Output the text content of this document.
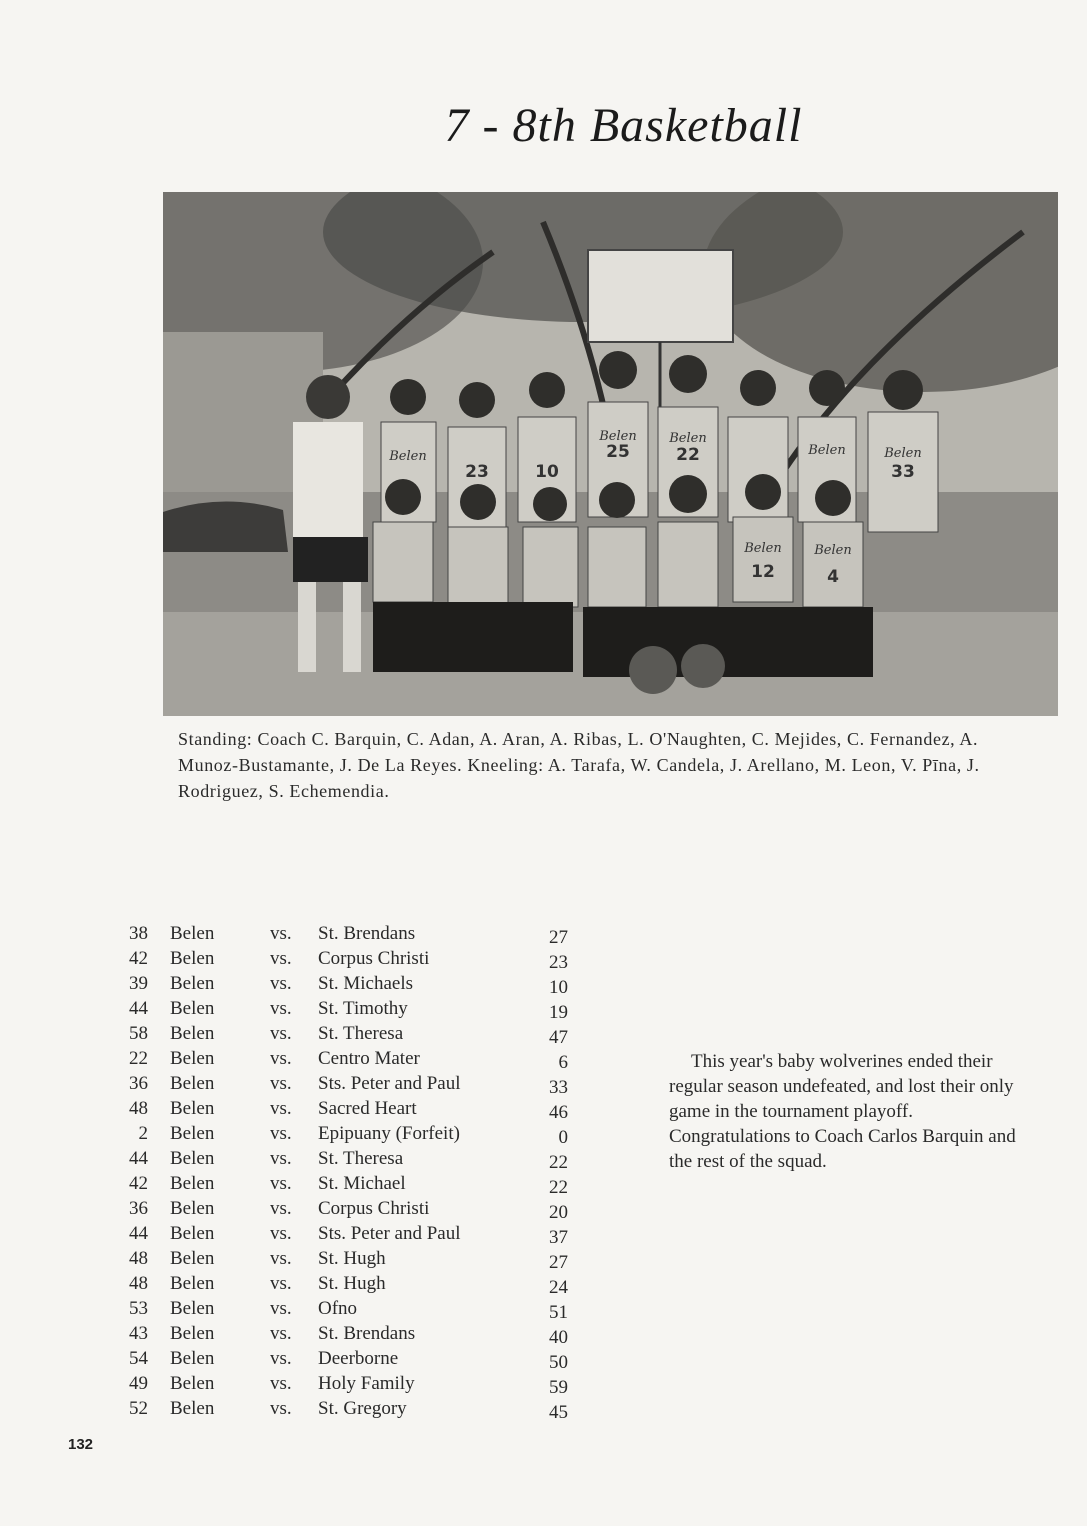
7 - 8th Basketball
10
25	22
33
12	4
23
Belen
Belen	Belen
Belen	Belen
Belen	Belen
Standing: Coach C. Barquin, C. Adan, A. Aran, A. Ribas, L. O'Naughten, C. Mejides, C. Fernandez, A. Munoz-Bustamante, J. De La Reyes. Kneeling: A. Tarafa, W. Candela, J. Arellano, M. Leon, V. Pīna, J. Rodriguez, S. Echemendia.
38 Belen	vs. St. Brendans	27
42 Belen	vs. Corpus Christi	23
39 Belen	vs. St. Michaels	10
44 Belen	vs. St. Timothy	19
58 Belen	vs. St. Theresa	47
22 Belen	vs. Centro Mater	6
36 Belen	vs. Sts. Peter and Paul	33
48 Belen	vs. Sacred Heart	46
2 Belen	vs. Epipuany (Forfeit)	0
44 Belen	vs. St. Theresa	22
42 Belen	vs. St. Michael	22
36 Belen	vs. Corpus Christi	20
44 Belen	vs. Sts. Peter and Paul	37
48 Belen	vs. St. Hugh	27
48 Belen	vs. St. Hugh	24
53 Belen	vs. Ofno	51
43 Belen	vs. St. Brendans	40
54 Belen	vs. Deerborne	50
49 Belen	vs. Holy Family	59
52 Belen	vs. St. Gregory	45
This year's baby wolverines ended their regular season undefeated, and lost their only game in the tournament playoff. Congratulations to Coach Carlos Barquin and the rest of the squad.
132
